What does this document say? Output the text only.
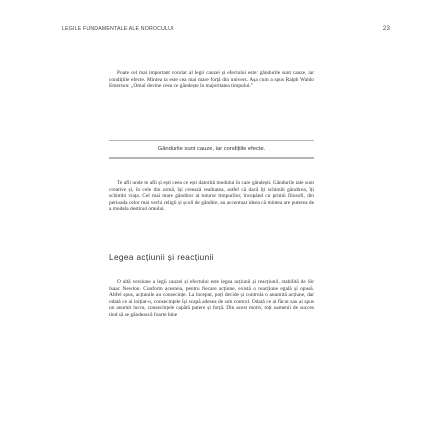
LEGILE FUNDAMENTALE ALE NOROCULUI	23

Poate cel mai important corolar al legii cauzei și efectului este: gândurile sunt cauze, iar condițiile efecte. Mintea ta este cea mai mare forță din univers. Așa cum a spus Ralph Waldo Emerson: „Omul devine ceea ce gândește în majoritatea timpului.”

Gândurile sunt cauze, iar condițiile efecte.

Te afli unde te afli și ești ceea ce ești datorită modului în care gândești. Gândurile tale sunt creative și, în cele din urmă, își creează realitatea, astfel că dacă îți schimbi gândirea, îți schimbi viața. Cel mai mare gânditor al tuturor timpurilor, începând cu primii filosofi, din perioada celor mai vechi religii și școli de gândire, au accentuat ideea că mintea are puterea de a modela destinul omului.

Legea acțiunii și reacțiunii

O altă versiune a legii cauzei și efectului este legea acțiunii și reacțiunii, stabilită de Sir Isaac Newton. Conform acesteia, pentru fiecare acțiune, există o reacțiune egală și opusă. Altfel spus, acțiunile au consecințe. La început, poți decide și controla o anumită acțiune, dar odată ce ai inițiat-o, consecințele își scapă adesea de sub control. Odată ce ai făcut sau ai spus un anumit lucru, consecințele capătă putere și forță. Din acest motiv, toți oamenii de succes tind să se gândească foarte bine
